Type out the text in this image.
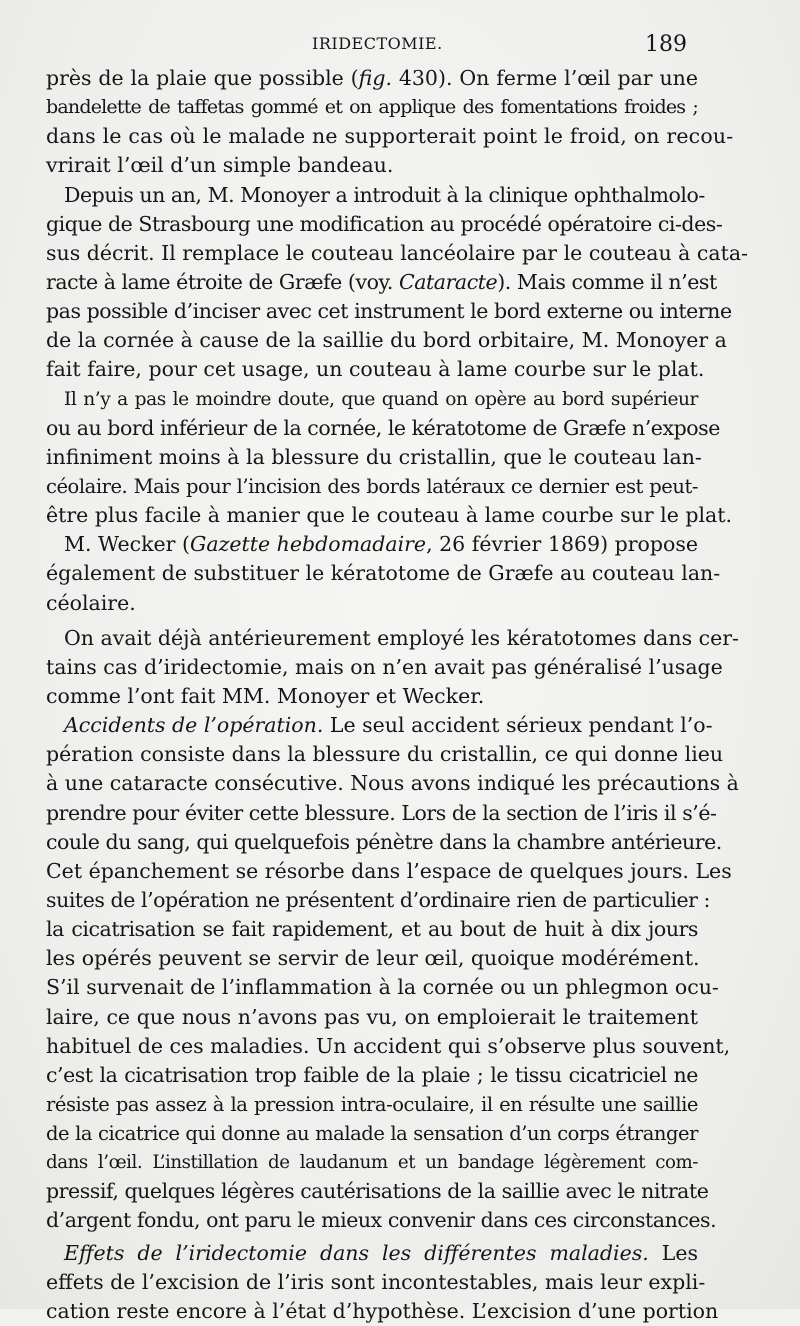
IRIDECTOMIE.	189
près de la plaie que possible (fig. 430). On ferme l’œil par une
bandelette de taffetas gommé et on applique des fomentations froides ;
dans le cas où le malade ne supporterait point le froid, on recou-
vrirait l’œil d’un simple bandeau.
Depuis un an, M. Monoyer a introduit à la clinique ophthalmolo-
gique de Strasbourg une modification au procédé opératoire ci-des-
sus décrit. Il remplace le couteau lancéolaire par le couteau à cata-
racte à lame étroite de Græfe (voy. Cataracte). Mais comme il n’est
pas possible d’inciser avec cet instrument le bord externe ou interne
de la cornée à cause de la saillie du bord orbitaire, M. Monoyer a
fait faire, pour cet usage, un couteau à lame courbe sur le plat.
Il n’y a pas le moindre doute, que quand on opère au bord supérieur
ou au bord inférieur de la cornée, le kératotome de Græfe n’expose
infiniment moins à la blessure du cristallin, que le couteau lan-
céolaire. Mais pour l’incision des bords latéraux ce dernier est peut-
être plus facile à manier que le couteau à lame courbe sur le plat.
M. Wecker (Gazette hebdomadaire, 26 février 1869) propose
également de substituer le kératotome de Græfe au couteau lan-
céolaire.
On avait déjà antérieurement employé les kératotomes dans cer-
tains cas d’iridectomie, mais on n’en avait pas généralisé l’usage
comme l’ont fait MM. Monoyer et Wecker.
Accidents de l’opération. Le seul accident sérieux pendant l’o-
pération consiste dans la blessure du cristallin, ce qui donne lieu
à une cataracte consécutive. Nous avons indiqué les précautions à
prendre pour éviter cette blessure. Lors de la section de l’iris il s’é-
coule du sang, qui quelquefois pénètre dans la chambre antérieure.
Cet épanchement se résorbe dans l’espace de quelques jours. Les
suites de l’opération ne présentent d’ordinaire rien de particulier :
la cicatrisation se fait rapidement, et au bout de huit à dix jours
les opérés peuvent se servir de leur œil, quoique modérément.
S’il survenait de l’inflammation à la cornée ou un phlegmon ocu-
laire, ce que nous n’avons pas vu, on emploierait le traitement
habituel de ces maladies. Un accident qui s’observe plus souvent,
c’est la cicatrisation trop faible de la plaie ; le tissu cicatriciel ne
résiste pas assez à la pression intra-oculaire, il en résulte une saillie
de la cicatrice qui donne au malade la sensation d’un corps étranger
dans l’œil. L’instillation de laudanum et un bandage légèrement com-
pressif, quelques légères cautérisations de la saillie avec le nitrate
d’argent fondu, ont paru le mieux convenir dans ces circonstances.
Effets de l’iridectomie dans les différentes maladies. Les
effets de l’excision de l’iris sont incontestables, mais leur expli-
cation reste encore à l’état d’hypothèse. L’excision d’une portion
